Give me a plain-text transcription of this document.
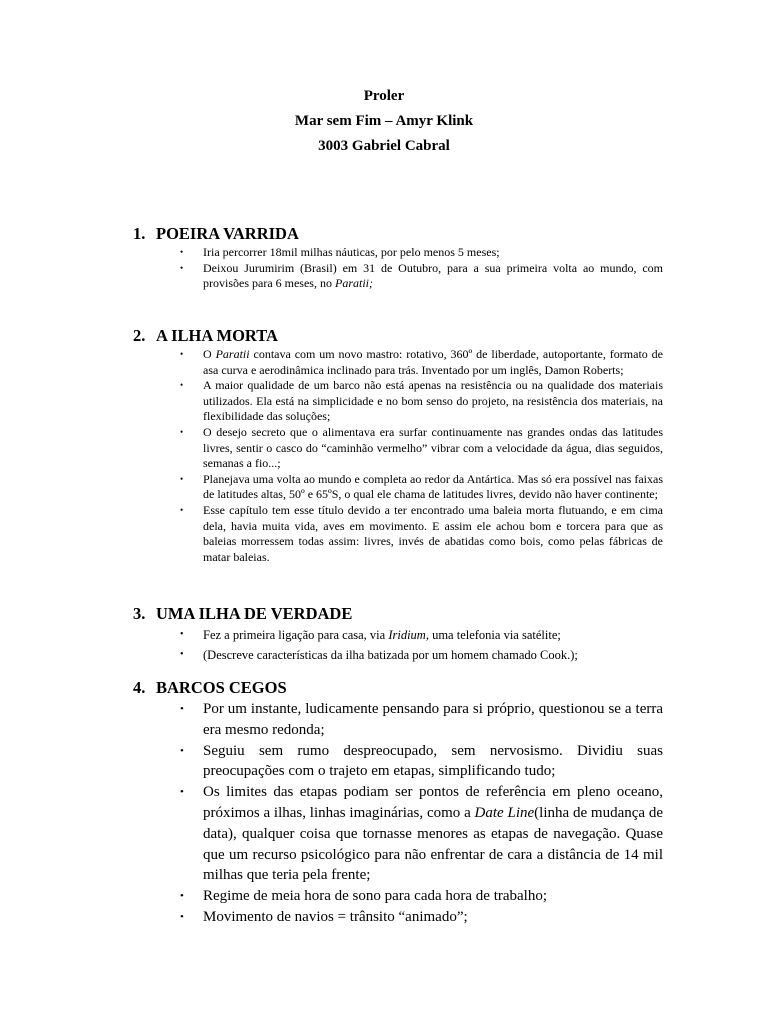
Proler
Mar sem Fim – Amyr Klink
3003 Gabriel Cabral
1. POEIRA VARRIDA
• Iria percorrer 18mil milhas náuticas, por pelo menos 5 meses;
• Deixou Jurumirim (Brasil) em 31 de Outubro, para a sua primeira volta ao mundo, com provisões para 6 meses, no Paratii;
2. A ILHA MORTA
• O Paratii contava com um novo mastro: rotativo, 360º de liberdade, autoportante, formato de asa curva e aerodinâmica inclinado para trás. Inventado por um inglês, Damon Roberts;
• A maior qualidade de um barco não está apenas na resistência ou na qualidade dos materiais utilizados. Ela está na simplicidade e no bom senso do projeto, na resistência dos materiais, na flexibilidade das soluções;
• O desejo secreto que o alimentava era surfar continuamente nas grandes ondas das latitudes livres, sentir o casco do “caminhão vermelho” vibrar com a velocidade da água, dias seguidos, semanas a fio...;
• Planejava uma volta ao mundo e completa ao redor da Antártica. Mas só era possível nas faixas de latitudes altas, 50º e 65ºS, o qual ele chama de latitudes livres, devido não haver continente;
• Esse capítulo tem esse título devido a ter encontrado uma baleia morta flutuando, e em cima dela, havia muita vida, aves em movimento. E assim ele achou bom e torcera para que as baleias morressem todas assim: livres, invés de abatidas como bois, como pelas fábricas de matar baleias.
3. UMA ILHA DE VERDADE
• Fez a primeira ligação para casa, via Iridium, uma telefonia via satélite;
• (Descreve características da ilha batizada por um homem chamado Cook.);
4. BARCOS CEGOS
• Por um instante, ludicamente pensando para si próprio, questionou se a terra era mesmo redonda;
• Seguiu sem rumo despreocupado, sem nervosismo. Dividiu suas preocupações com o trajeto em etapas, simplificando tudo;
• Os limites das etapas podiam ser pontos de referência em pleno oceano, próximos a ilhas, linhas imaginárias, como a Date Line(linha de mudança de data), qualquer coisa que tornasse menores as etapas de navegação. Quase que um recurso psicológico para não enfrentar de cara a distância de 14 mil milhas que teria pela frente;
• Regime de meia hora de sono para cada hora de trabalho;
• Movimento de navios = trânsito “animado”;
